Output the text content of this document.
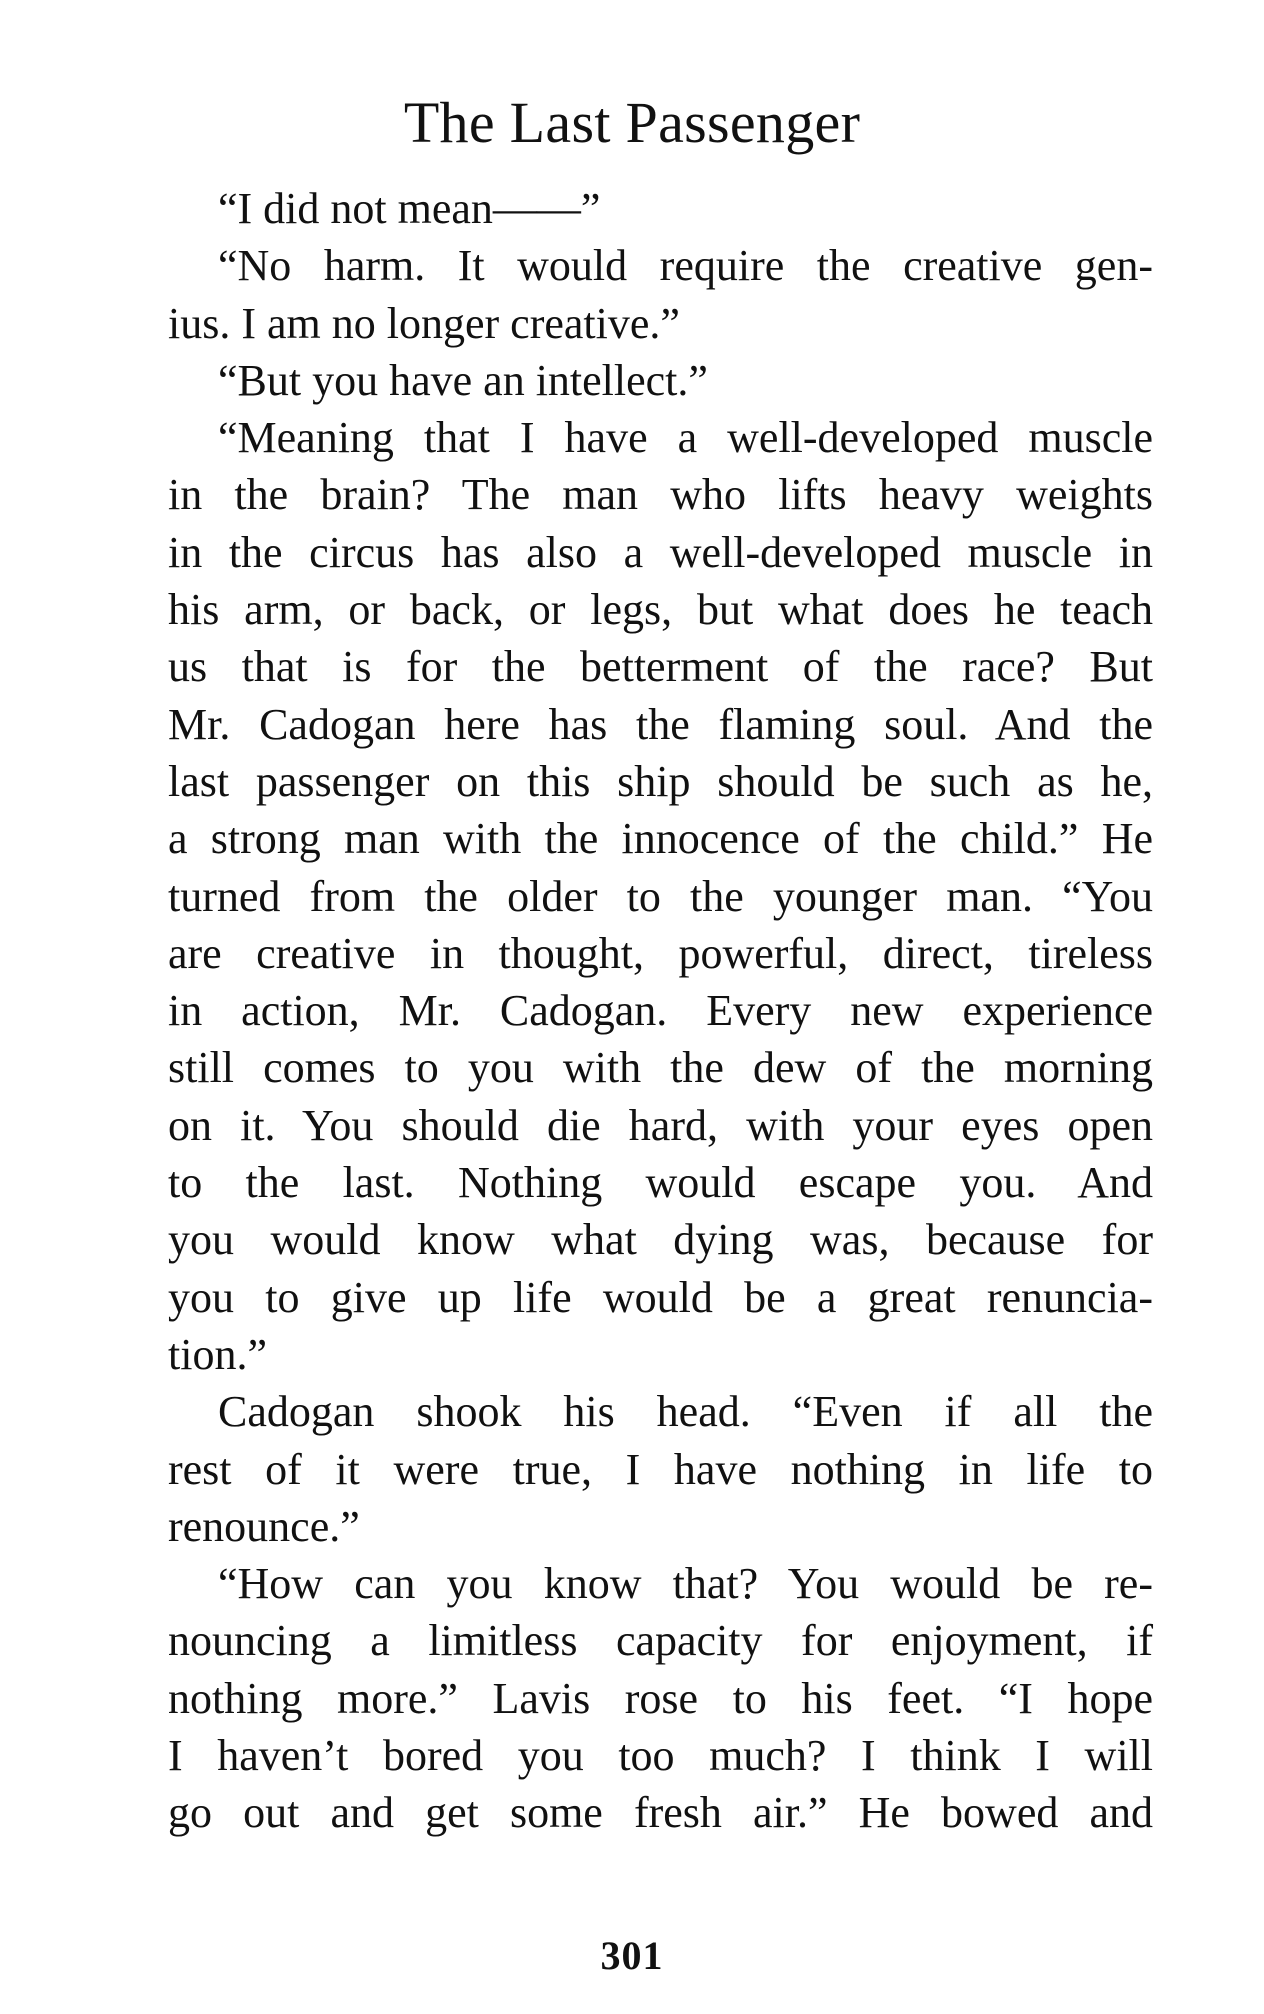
The Last Passenger
“I did not mean——”
“No harm. It would require the creative gen-
ius. I am no longer creative.”
“But you have an intellect.”
“Meaning that I have a well-developed muscle
in the brain? The man who lifts heavy weights
in the circus has also a well-developed muscle in
his arm, or back, or legs, but what does he teach
us that is for the betterment of the race? But
Mr. Cadogan here has the flaming soul. And the
last passenger on this ship should be such as he,
a strong man with the innocence of the child.” He
turned from the older to the younger man. “You
are creative in thought, powerful, direct, tireless
in action, Mr. Cadogan. Every new experience
still comes to you with the dew of the morning
on it. You should die hard, with your eyes open
to the last. Nothing would escape you. And
you would know what dying was, because for
you to give up life would be a great renuncia-
tion.”
Cadogan shook his head. “Even if all the
rest of it were true, I have nothing in life to
renounce.”
“How can you know that? You would be re-
nouncing a limitless capacity for enjoyment, if
nothing more.” Lavis rose to his feet. “I hope
I haven’t bored you too much? I think I will
go out and get some fresh air.” He bowed and
301
